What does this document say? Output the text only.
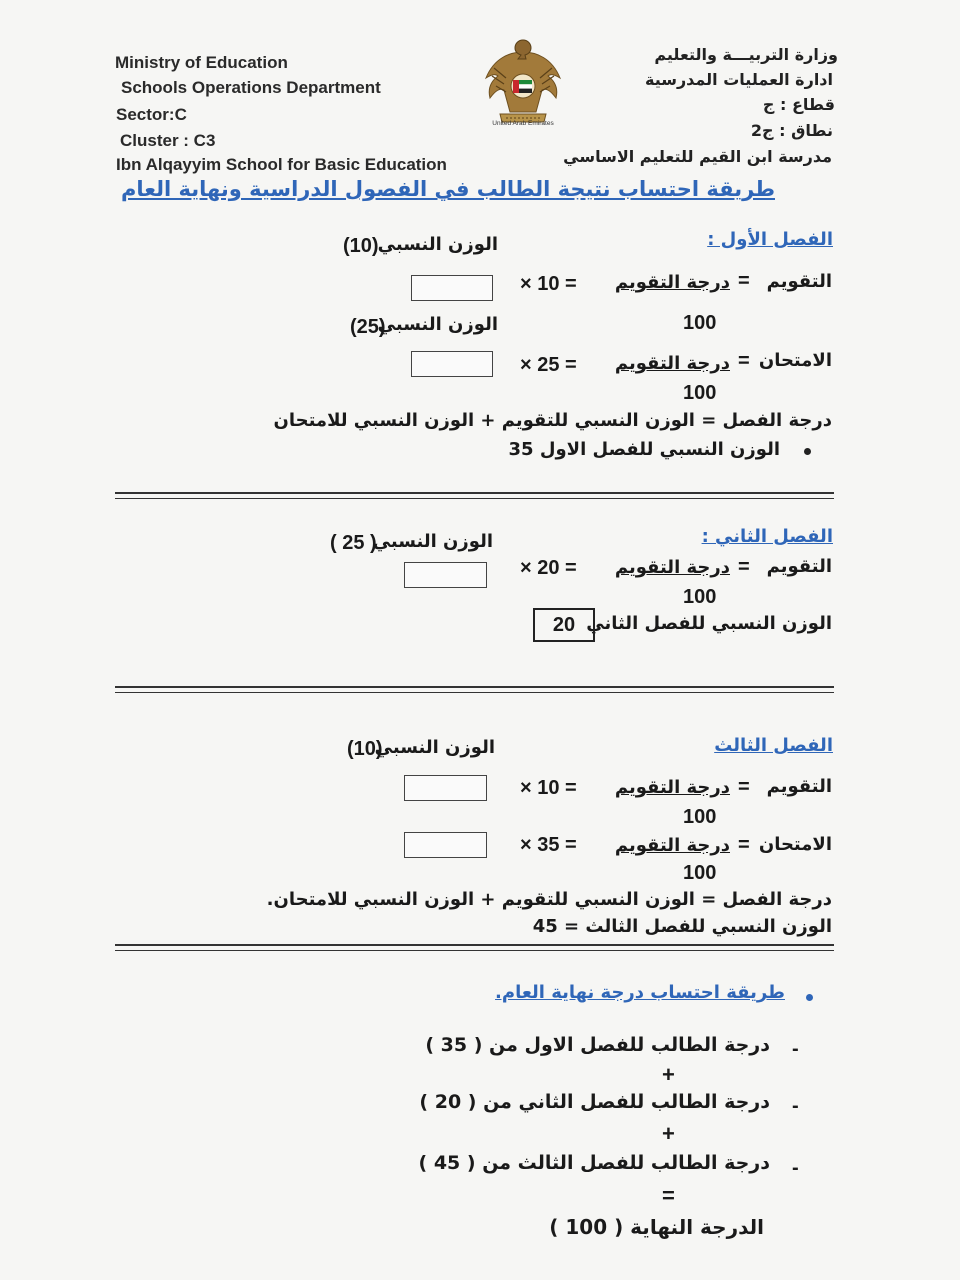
Ministry of Education
Schools Operations Department
Sector:C
Cluster : C3
Ibn Alqayyim School for Basic Education
وزارة التربيـــة والتعليم
ادارة العمليات المدرسية
قطاع : ج
نطاق : ج2
مدرسة ابن القيم للتعليم الاساسي
United Arab Emirates
طريقة احتساب نتيجة الطالب في الفصول الدراسية ونهاية العام
الفصل الأول :
الوزن النسبي
(10)
التقويم
=
درجة التقويم
× 10 =
100
الوزن النسبي
(25)
الامتحان
=
درجة التقويم
× 25 =
100
درجة الفصل = الوزن النسبي للتقويم + الوزن النسبي للامتحان
الوزن النسبي للفصل الاول 35
الفصل الثاني :
الوزن النسبي
( 25 )
التقويم
=
درجة التقويم
× 20 =
100
الوزن النسبي للفصل الثاني
20
الفصل الثالث
الوزن النسبي
(10)
التقويم
=
درجة التقويم
× 10 =
100
الامتحان
=
درجة التقويم
× 35 =
100
درجة الفصل = الوزن النسبي للتقويم + الوزن النسبي للامتحان.
الوزن النسبي للفصل الثالث = 45
طريقة احتساب درجة نهاية العام.
-
درجة الطالب للفصل الاول من ( 35 )
+
-
درجة الطالب للفصل الثاني من ( 20 )
+
-
درجة الطالب للفصل الثالث من ( 45 )
=
الدرجة النهاية ( 100 )
